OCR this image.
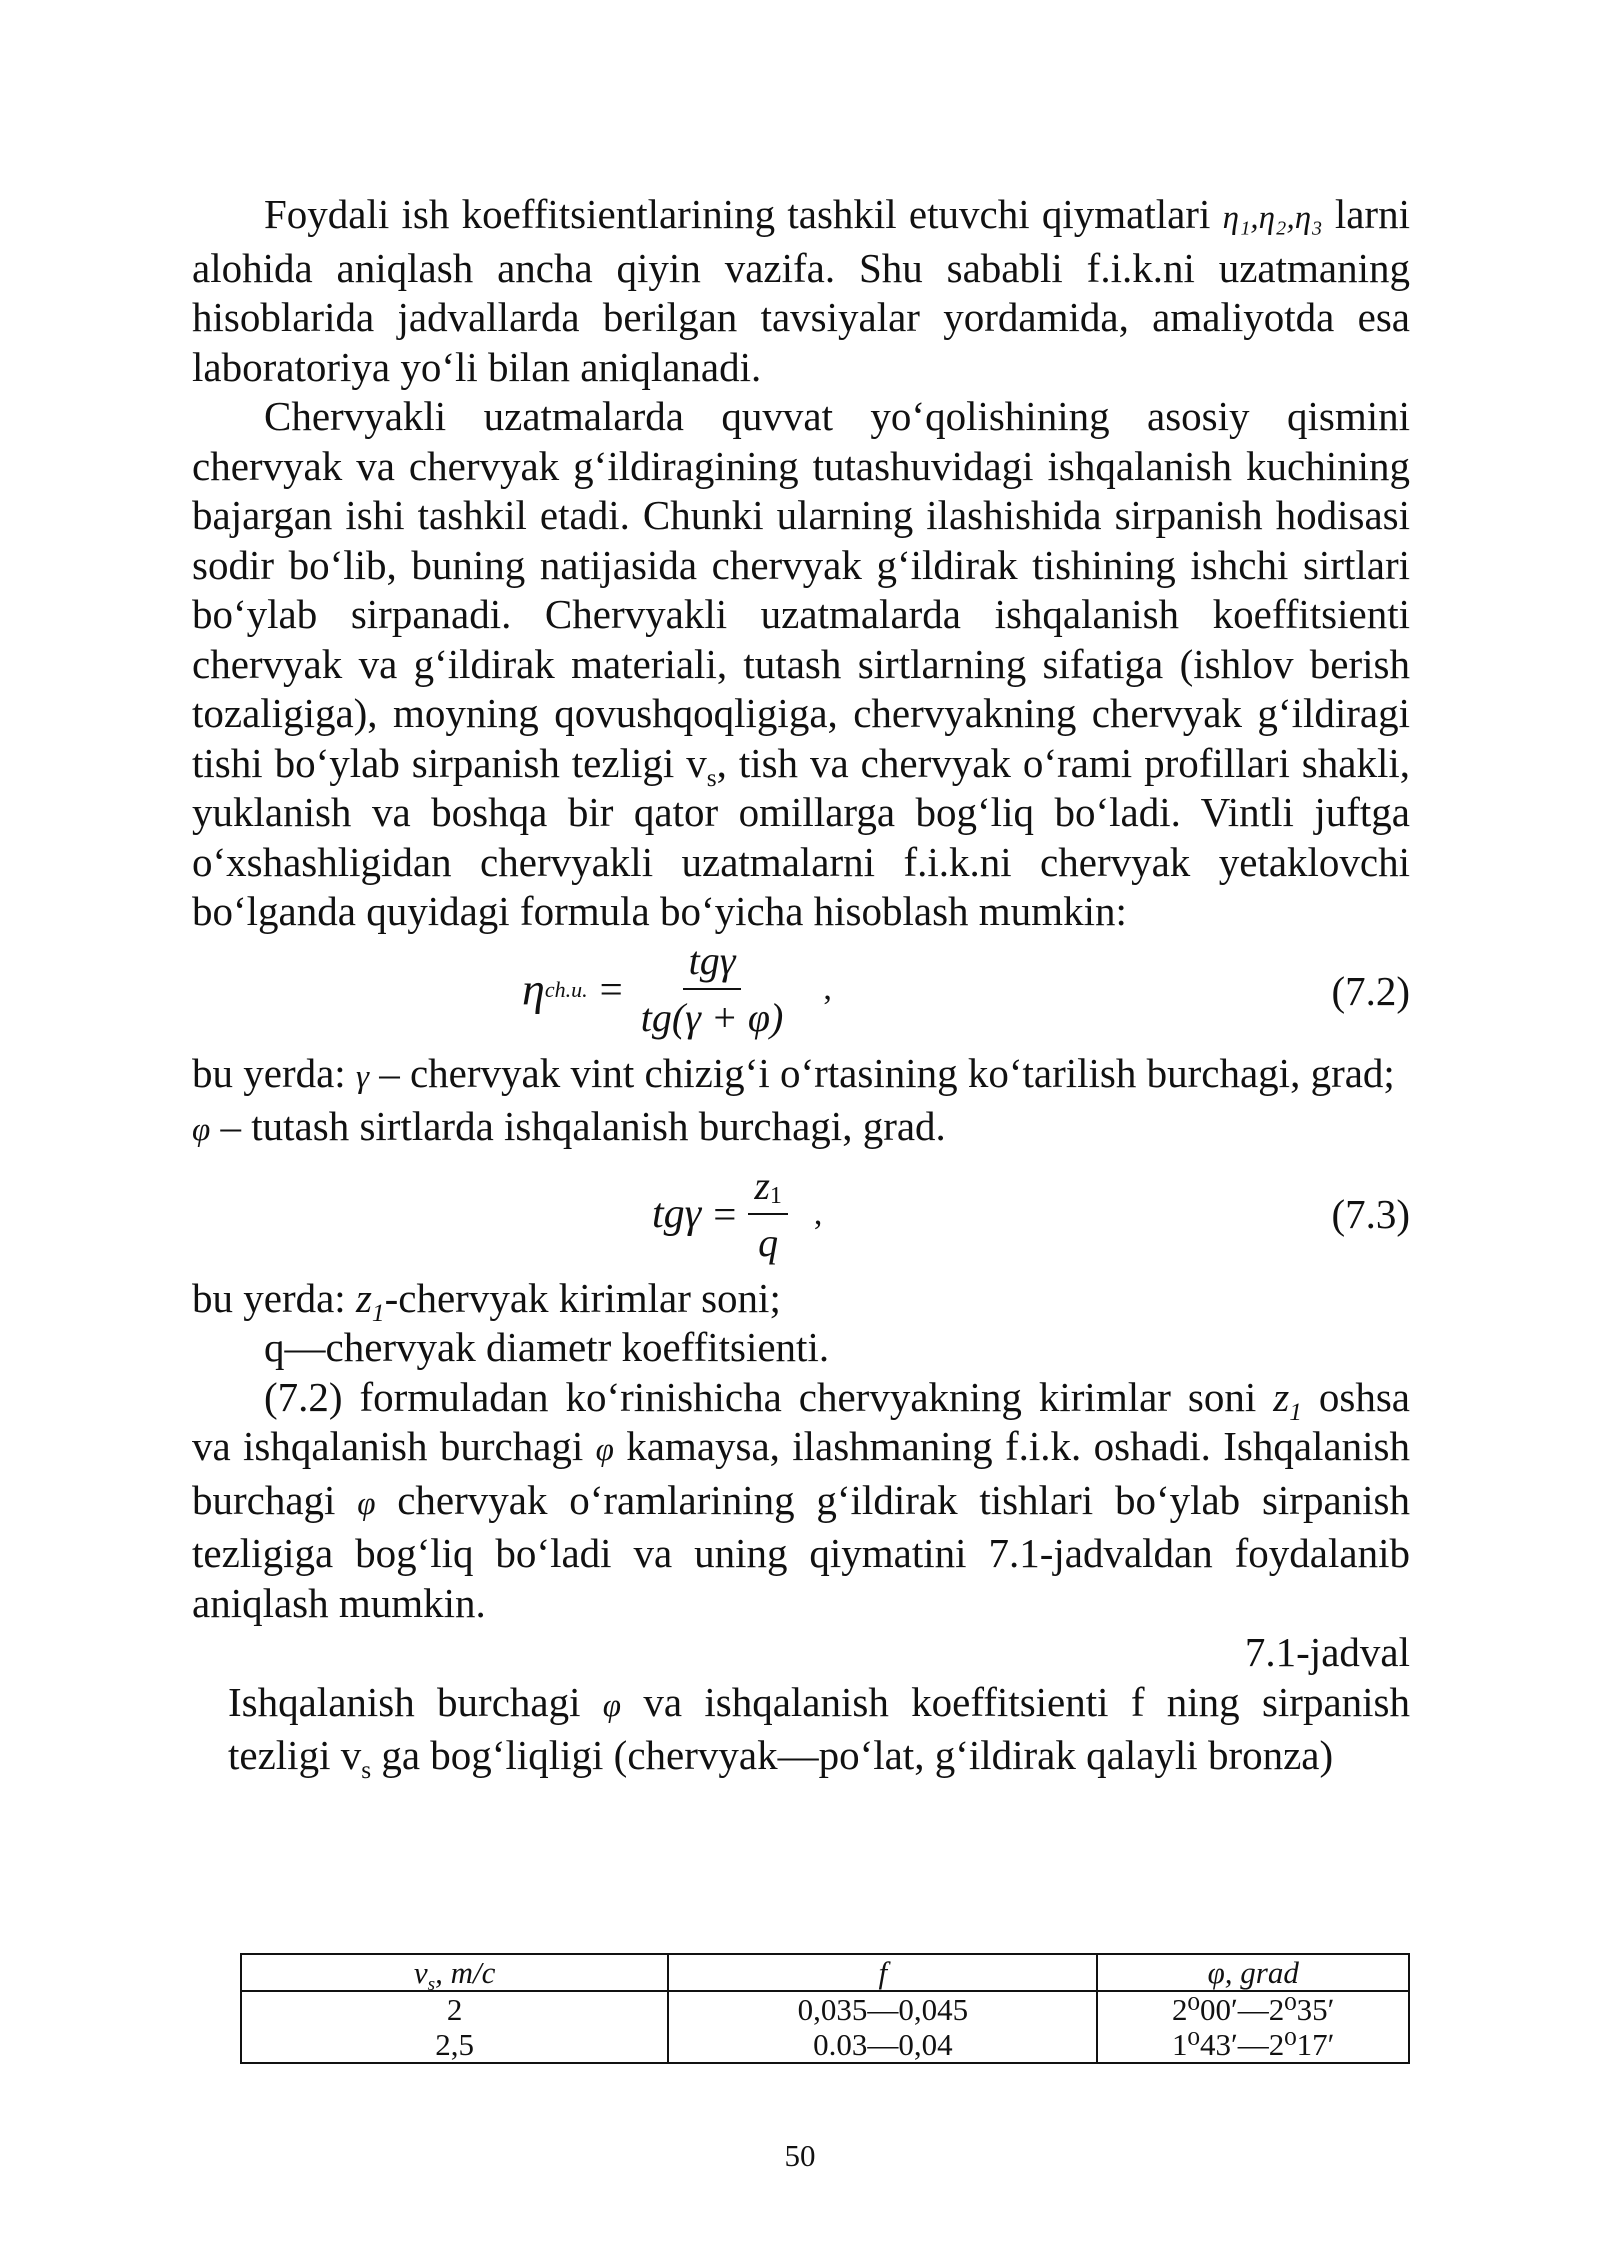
Foydali ish koeffitsientlarining tashkil etuvchi qiymatlari η₁,η₂,η₃ larni alohida aniqlash ancha qiyin vazifa. Shu sababli f.i.k.ni uzatmaning hisoblarida jadvallarda berilgan tavsiyalar yordamida, amaliyotda esa laboratoriya yo‘li bilan aniqlanadi.

Chervyakli uzatmalarda quvvat yo‘qolishining asosiy qismini chervyak va chervyak g‘ildiragining tutashuvidagi ishqalanish kuchining bajargan ishi tashkil etadi. Chunki ularning ilashishida sirpanish hodisasi sodir bo‘lib, buning natijasida chervyak g‘ildirak tishining ishchi sirtlari bo‘ylab sirpanadi. Chervyakli uzatmalarda ishqalanish koeffitsienti chervyak va g‘ildirak materiali, tutash sirtlarning sifatiga (ishlov berish tozaligiga), moyning qovushqoqligiga, chervyakning chervyak g‘ildiragi tishi bo‘ylab sirpanish tezligi $v_s$, tish va chervyak o‘rami profillari shakli, yuklanish va boshqa bir qator omillarga bog‘liq bo‘ladi. Vintli juftga o‘xshashligidan chervyakli uzatmalarni f.i.k.ni chervyak yetaklovchi bo‘lganda quyidagi formula bo‘yicha hisoblash mumkin:

$\eta_{ch.u.} = \frac{\text{tgγ}}{tg(\gamma + \varphi)}$ ,	(7.2)

bu yerda: γ – chervyak vint chizig‘i o‘rtasining ko‘tarilish burchagi, grad;

φ – tutash sirtlarda ishqalanish burchagi, grad.

$tg\gamma = \frac{z_1}{q}$ ,	(7.3)

bu yerda: $z_1$-chervyak kirimlar soni;

q—chervyak diametr koeffitsienti.

(7.2) formuladan ko‘rinishicha chervyakning kirimlar soni $z_1$ oshsa va ishqalanish burchagi φ kamaysa, ilashmaning f.i.k. oshadi. Ishqalanish burchagi φ chervyak o‘ramlarining g‘ildirak tishlari bo‘ylab sirpanish tezligiga bog‘liq bo‘ladi va uning qiymatini 7.1-jadvaldan foydalanib aniqlash mumkin.

7.1-jadval

Ishqalanish burchagi φ va ishqalanish koeffitsienti f ning sirpanish tezligi $v_s$ ga bog‘liqligi (chervyak—po‘lat, g‘ildirak qalayli bronza)

$v_s$, m/c	f	φ, grad
2	0,035—0,045	2⁰00ʹ—2⁰35ʹ
2,5	0.03—0,04	1⁰43ʹ—2⁰17ʹ
50
